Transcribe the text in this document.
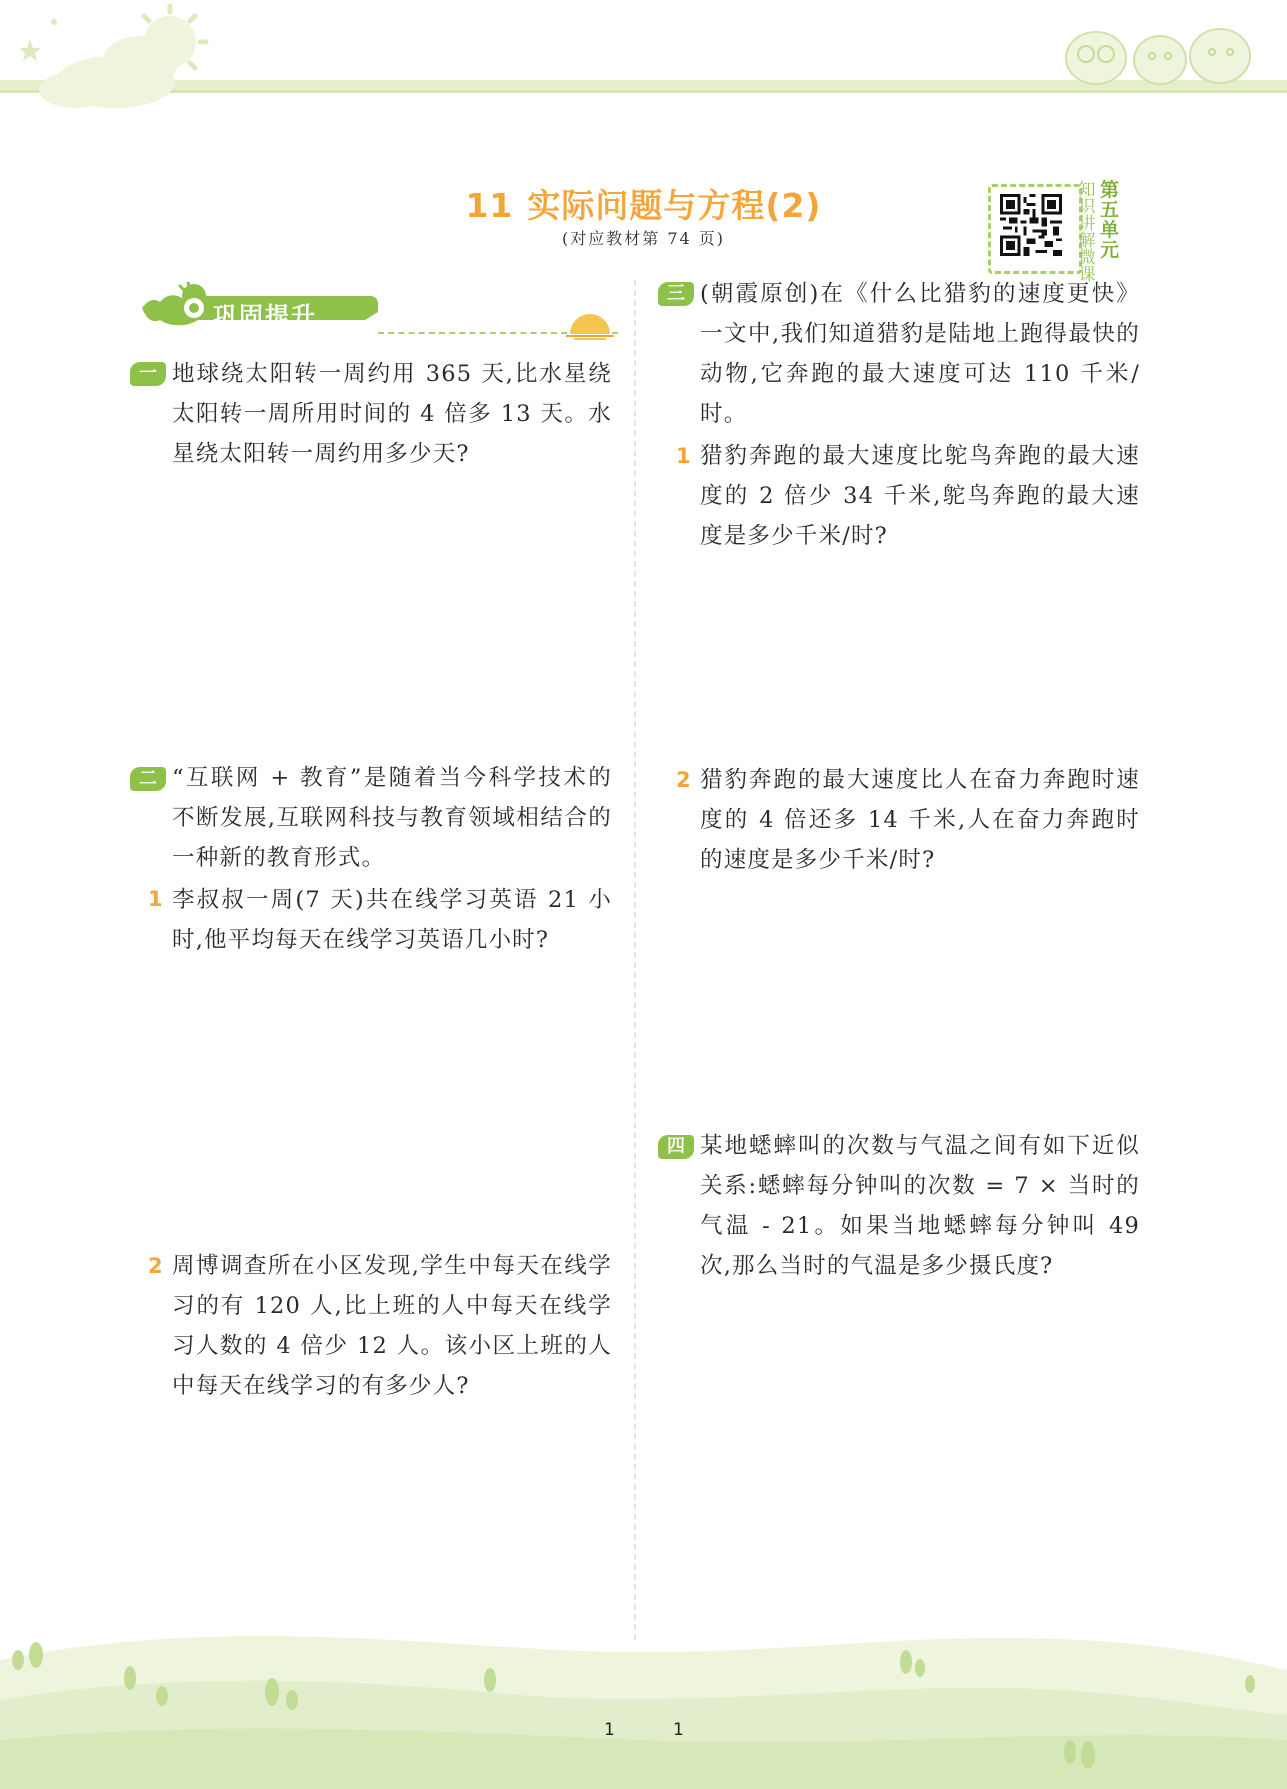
11 实际问题与方程(2)
(对应教材第 74 页)
知识讲解微课
第五单元
巩固提升
一 地球绕太阳转一周约用 365 天,比水星绕太阳转一周所用时间的 4 倍多 13 天。水星绕太阳转一周约用多少天?
二 “互联网 + 教育”是随着当今科学技术的不断发展,互联网科技与教育领域相结合的一种新的教育形式。
1 李叔叔一周(7 天)共在线学习英语 21 小时,他平均每天在线学习英语几小时?
2 周博调查所在小区发现,学生中每天在线学习的有 120 人,比上班的人中每天在线学习人数的 4 倍少 12 人。该小区上班的人中每天在线学习的有多少人?
三 (朝霞原创)在《什么比猎豹的速度更快》一文中,我们知道猎豹是陆地上跑得最快的动物,它奔跑的最大速度可达 110 千米/时。
1 猎豹奔跑的最大速度比鸵鸟奔跑的最大速度的 2 倍少 34 千米,鸵鸟奔跑的最大速度是多少千米/时?
2 猎豹奔跑的最大速度比人在奋力奔跑时速度的 4 倍还多 14 千米,人在奋力奔跑时的速度是多少千米/时?
四 某地蟋蟀叫的次数与气温之间有如下近似关系:蟋蟀每分钟叫的次数 = 7 × 当时的气温 - 21。如果当地蟋蟀每分钟叫 49 次,那么当时的气温是多少摄氏度?
1	1
